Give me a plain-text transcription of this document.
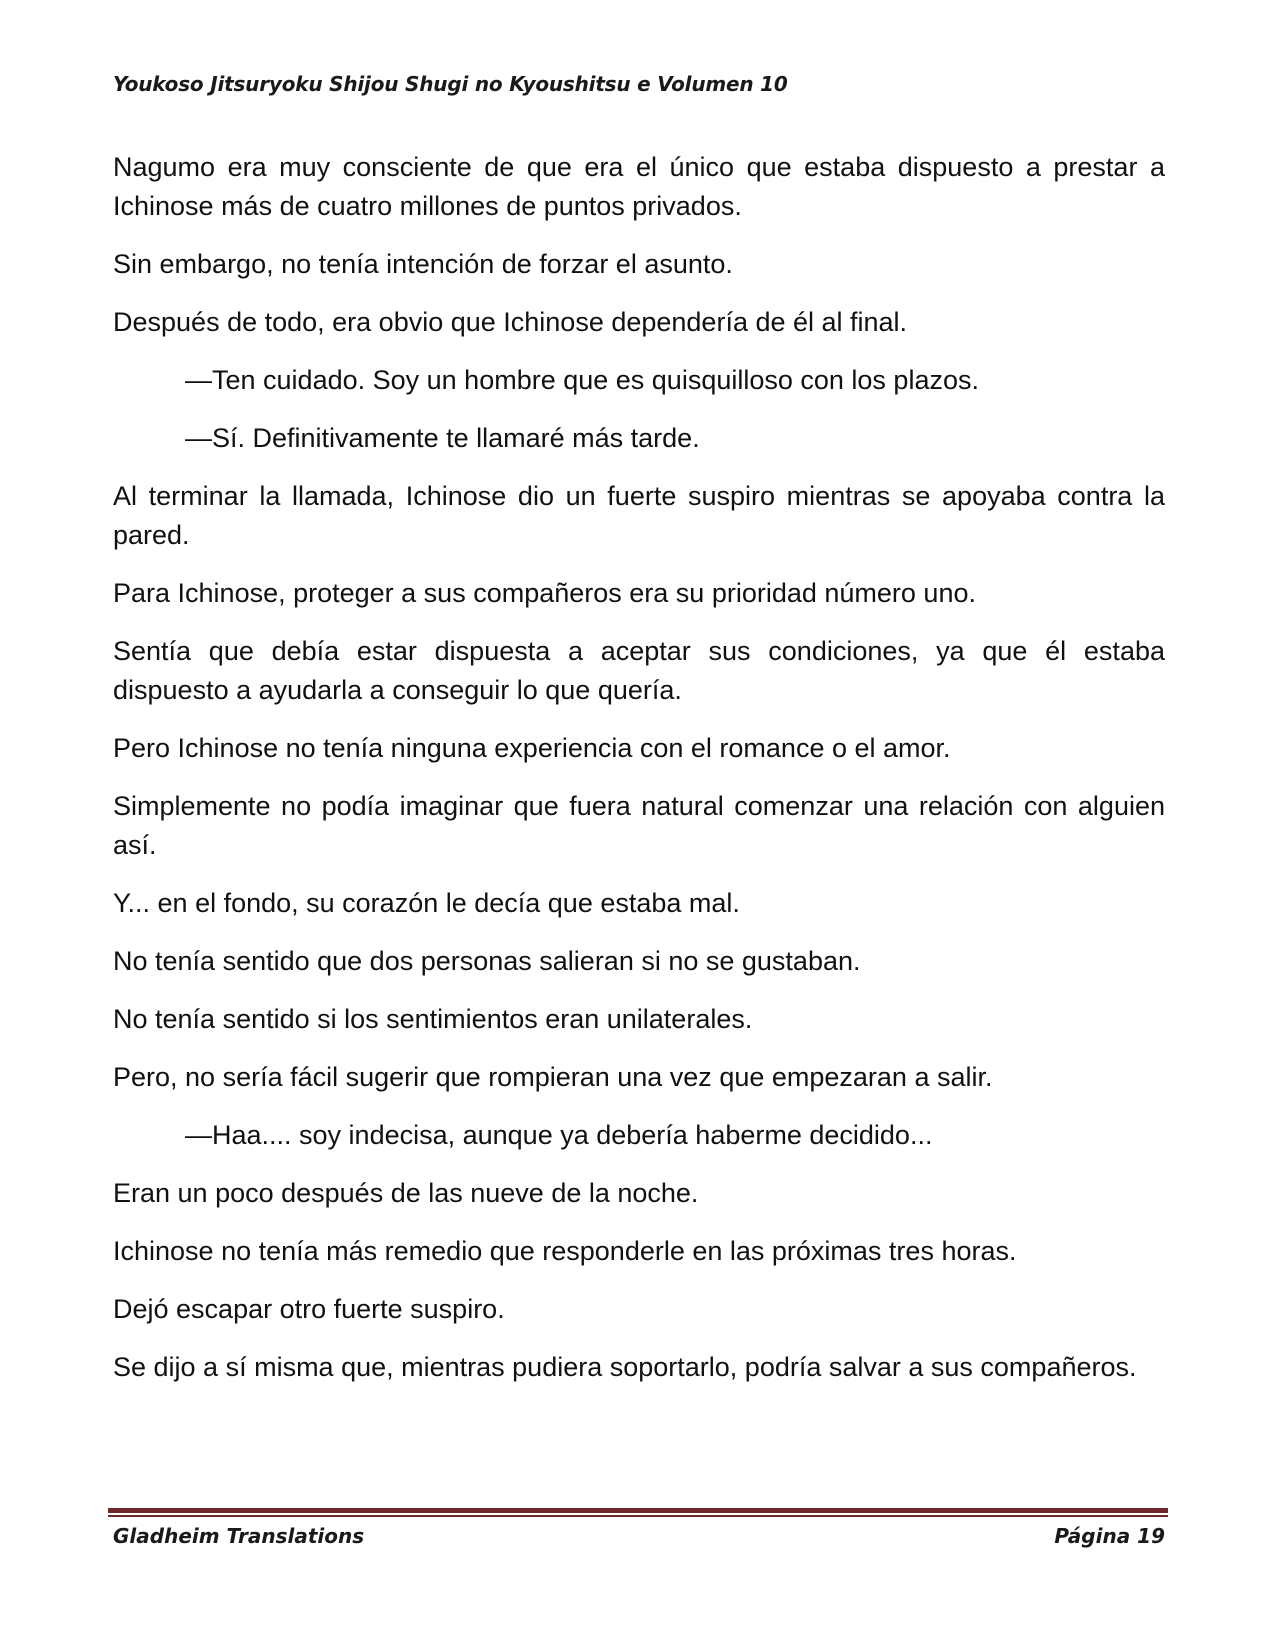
Youkoso Jitsuryoku Shijou Shugi no Kyoushitsu e Volumen 10

Nagumo era muy consciente de que era el único que estaba dispuesto a prestar a Ichinose más de cuatro millones de puntos privados.

Sin embargo, no tenía intención de forzar el asunto.

Después de todo, era obvio que Ichinose dependería de él al final.

—Ten cuidado. Soy un hombre que es quisquilloso con los plazos.

—Sí. Definitivamente te llamaré más tarde.

Al terminar la llamada, Ichinose dio un fuerte suspiro mientras se apoyaba contra la pared.

Para Ichinose, proteger a sus compañeros era su prioridad número uno.

Sentía que debía estar dispuesta a aceptar sus condiciones, ya que él estaba dispuesto a ayudarla a conseguir lo que quería.

Pero Ichinose no tenía ninguna experiencia con el romance o el amor.

Simplemente no podía imaginar que fuera natural comenzar una relación con alguien así.

Y... en el fondo, su corazón le decía que estaba mal.

No tenía sentido que dos personas salieran si no se gustaban.

No tenía sentido si los sentimientos eran unilaterales.

Pero, no sería fácil sugerir que rompieran una vez que empezaran a salir.

—Haa.... soy indecisa, aunque ya debería haberme decidido...

Eran un poco después de las nueve de la noche.

Ichinose no tenía más remedio que responderle en las próximas tres horas.

Dejó escapar otro fuerte suspiro.

Se dijo a sí misma que, mientras pudiera soportarlo, podría salvar a sus compañeros.

Gladheim Translations	Página 19
